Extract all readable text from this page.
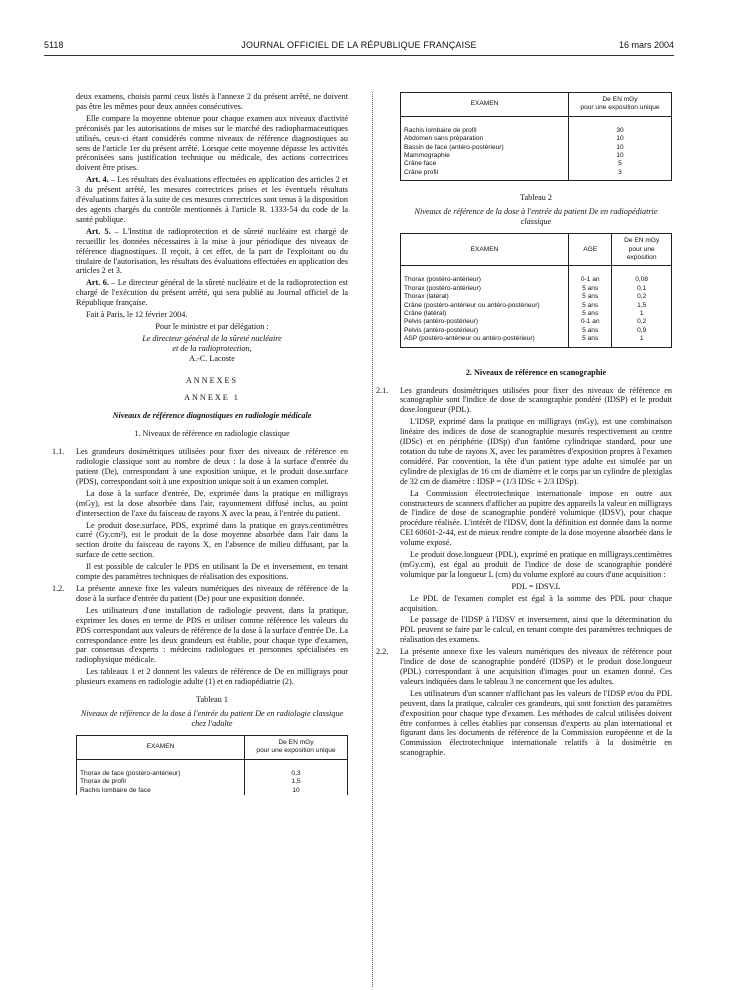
5118	JOURNAL OFFICIEL DE LA RÉPUBLIQUE FRANÇAISE	16 mars 2004

deux examens, choisis parmi ceux listés à l'annexe 2 du présent arrêté, ne doivent pas être les mêmes pour deux années consécutives.

Elle compare la moyenne obtenue pour chaque examen aux niveaux d'activité préconisés par les autorisations de mises sur le marché des radiopharmaceutiques utilisés, ceux-ci étant considérés comme niveaux de référence diagnostiques au sens de l'article 1er du présent arrêté. Lorsque cette moyenne dépasse les activités préconisées sans justification technique ou médicale, des actions correctrices doivent être prises.

Art. 4. – Les résultats des évaluations effectuées en application des articles 2 et 3 du présent arrêté, les mesures correctrices prises et les éventuels résultats d'évaluations faites à la suite de ces mesures correctrices sont tenus à la disposition des agents chargés du contrôle mentionnés à l'article R. 1333-54 du code de la santé publique.

Art. 5. – L'Institut de radioprotection et de sûreté nucléaire est chargé de recueillir les données nécessaires à la mise à jour périodique des niveaux de référence diagnostiques. Il reçoit, à cet effet, de la part de l'exploitant ou du titulaire de l'autorisation, les résultats des évaluations effectuées en application des articles 2 et 3.

Art. 6. – Le directeur général de la sûreté nucléaire et de la radioprotection est chargé de l'exécution du présent arrêté, qui sera publié au Journal officiel de la République française.

Fait à Paris, le 12 février 2004.

Pour le ministre et par délégation :

Le directeur général de la sûreté nucléaire

et de la radioprotection,

A.-C. Lacoste

ANNEXES

ANNEXE 1

Niveaux de référence diagnostiques en radiologie médicale

1. Niveaux de référence en radiologie classique

1.1. Les grandeurs dosimétriques utilisées pour fixer des niveaux de référence en radiologie classique sont au nombre de deux : la dose à la surface d'entrée du patient (De), correspondant à une exposition unique, et le produit dose.surface (PDS), correspondant soit à une exposition unique soit à un examen complet.

La dose à la surface d'entrée, De, exprimée dans la pratique en milligrays (mGy), est la dose absorbée dans l'air, rayonnement diffusé inclus, au point d'intersection de l'axe du faisceau de rayons X avec la peau, à l'entrée du patient.

Le produit dose.surface, PDS, exprimé dans la pratique en grays.centimètres carré (Gy.cm²), est le produit de la dose moyenne absorbée dans l'air dans la section droite du faisceau de rayons X, en l'absence de milieu diffusant, par la surface de cette section.

Il est possible de calculer le PDS en utilisant la De et inversement, en tenant compte des paramètres techniques de réalisation des expositions.

1.2. La présente annexe fixe les valeurs numériques des niveaux de référence de la dose à la surface d'entrée du patient (De) pour une exposition donnée.

Les utilisateurs d'une installation de radiologie peuvent, dans la pratique, exprimer les doses en terme de PDS et utiliser comme référence les valeurs du PDS correspondant aux valeurs de référence de la dose à la surface d'entrée De. La correspondance entre les deux grandeurs est établie, pour chaque type d'examen, par consensus d'experts : médecins radiologues et personnes spécialisées en radiophysique médicale.

Les tableaux 1 et 2 donnent les valeurs de référence de De en milligrays pour plusieurs examens en radiologie adulte (1) et en radiopédiatrie (2).

Tableau 1

Niveaux de référence de la dose à l'entrée du patient De en radiologie classique chez l'adulte

EXAMEN	De EN mGy
pour une exposition unique
Thorax de face (postéro-antérieur)	0,3
Thorax de profil	1,5
Rachis lombaire de face	10
EXAMEN	De EN mGy
pour une exposition unique
Rachis lombaire de profil	30
Abdomen sans préparation	10
Bassin de face (antéro-postérieur)	10
Mammographie	10
Crâne face	5
Crâne profil	3

Tableau 2

Niveaux de référence de la dose à l'entrée du patient De en radiopédiatrie classique

EXAMEN	AGE	De EN mGy
pour une exposition
Thorax (postéro-antérieur)	0-1 an	0,08
Thorax (postéro-antérieur)	5 ans	0,1
Thorax (latéral)	5 ans	0,2
Crâne (postéro-antérieur ou antéro-postérieur)	5 ans	1,5
Crâne (latéral)	5 ans	1
Pelvis (antéro-postérieur)	0-1 an	0,2
Pelvis (antéro-postérieur)	5 ans	0,9
ASP (postéro-antérieur ou antéro-postérieur)	5 ans	1

2. Niveaux de référence en scanographie

2.1. Les grandeurs dosimétriques utilisées pour fixer des niveaux de référence en scanographie sont l'indice de dose de scanographie pondéré (IDSP) et le produit dose.longueur (PDL).

L'IDSP, exprimé dans la pratique en milligrays (mGy), est une combinaison linéaire des indices de dose de scanographie mesurés respectivement au centre (IDSc) et en périphérie (IDSp) d'un fantôme cylindrique standard, pour une rotation du tube de rayons X, avec les paramètres d'exposition propres à l'examen considéré. Par convention, la tête d'un patient type adulte est simulée par un cylindre de plexiglas de 16 cm de diamètre et le corps par un cylindre de plexiglas de 32 cm de diamètre : IDSP = (1/3 IDSc + 2/3 IDSp).

La Commission électrotechnique internationale impose en outre aux constructeurs de scanners d'afficher au pupitre des appareils la valeur en milligrays de l'indice de dose de scanographie pondéré volumique (IDSV), pour chaque procédure réalisée. L'intérêt de l'IDSV, dont la définition est donnée dans la norme CEI 60601-2-44, est de mieux rendre compte de la dose moyenne absorbée dans le volume exposé.

Le produit dose.longueur (PDL), exprimé en pratique en milligrays.centimètres (mGy.cm), est égal au produit de l'indice de dose de scanographie pondéré volumique par la longueur L (cm) du volume exploré au cours d'une acquisition :

PDL = IDSV.L

Le PDL de l'examen complet est égal à la somme des PDL pour chaque acquisition.

Le passage de l'IDSP à l'IDSV et inversement, ainsi que la détermination du PDL peuvent se faire par le calcul, en tenant compte des paramètres techniques de réalisation des examens.

2.2. La présente annexe fixe les valeurs numériques des niveaux de référence pour l'indice de dose de scanographie pondéré (IDSP) et le produit dose.longueur (PDL) correspondant à une acquisition d'images pour un examen donné. Ces valeurs indiquées dans le tableau 3 ne concernent que les adultes.

Les utilisateurs d'un scanner n'affichant pas les valeurs de l'IDSP et/ou du PDL peuvent, dans la pratique, calculer ces grandeurs, qui sont fonction des paramètres d'exposition pour chaque type d'examen. Les méthodes de calcul utilisées doivent être conformes à celles établies par consensus d'experts au plan international et figurant dans les documents de référence de la Commission européenne et de la Commission électrotechnique internationale relatifs à la dosimétrie en scanographie.
